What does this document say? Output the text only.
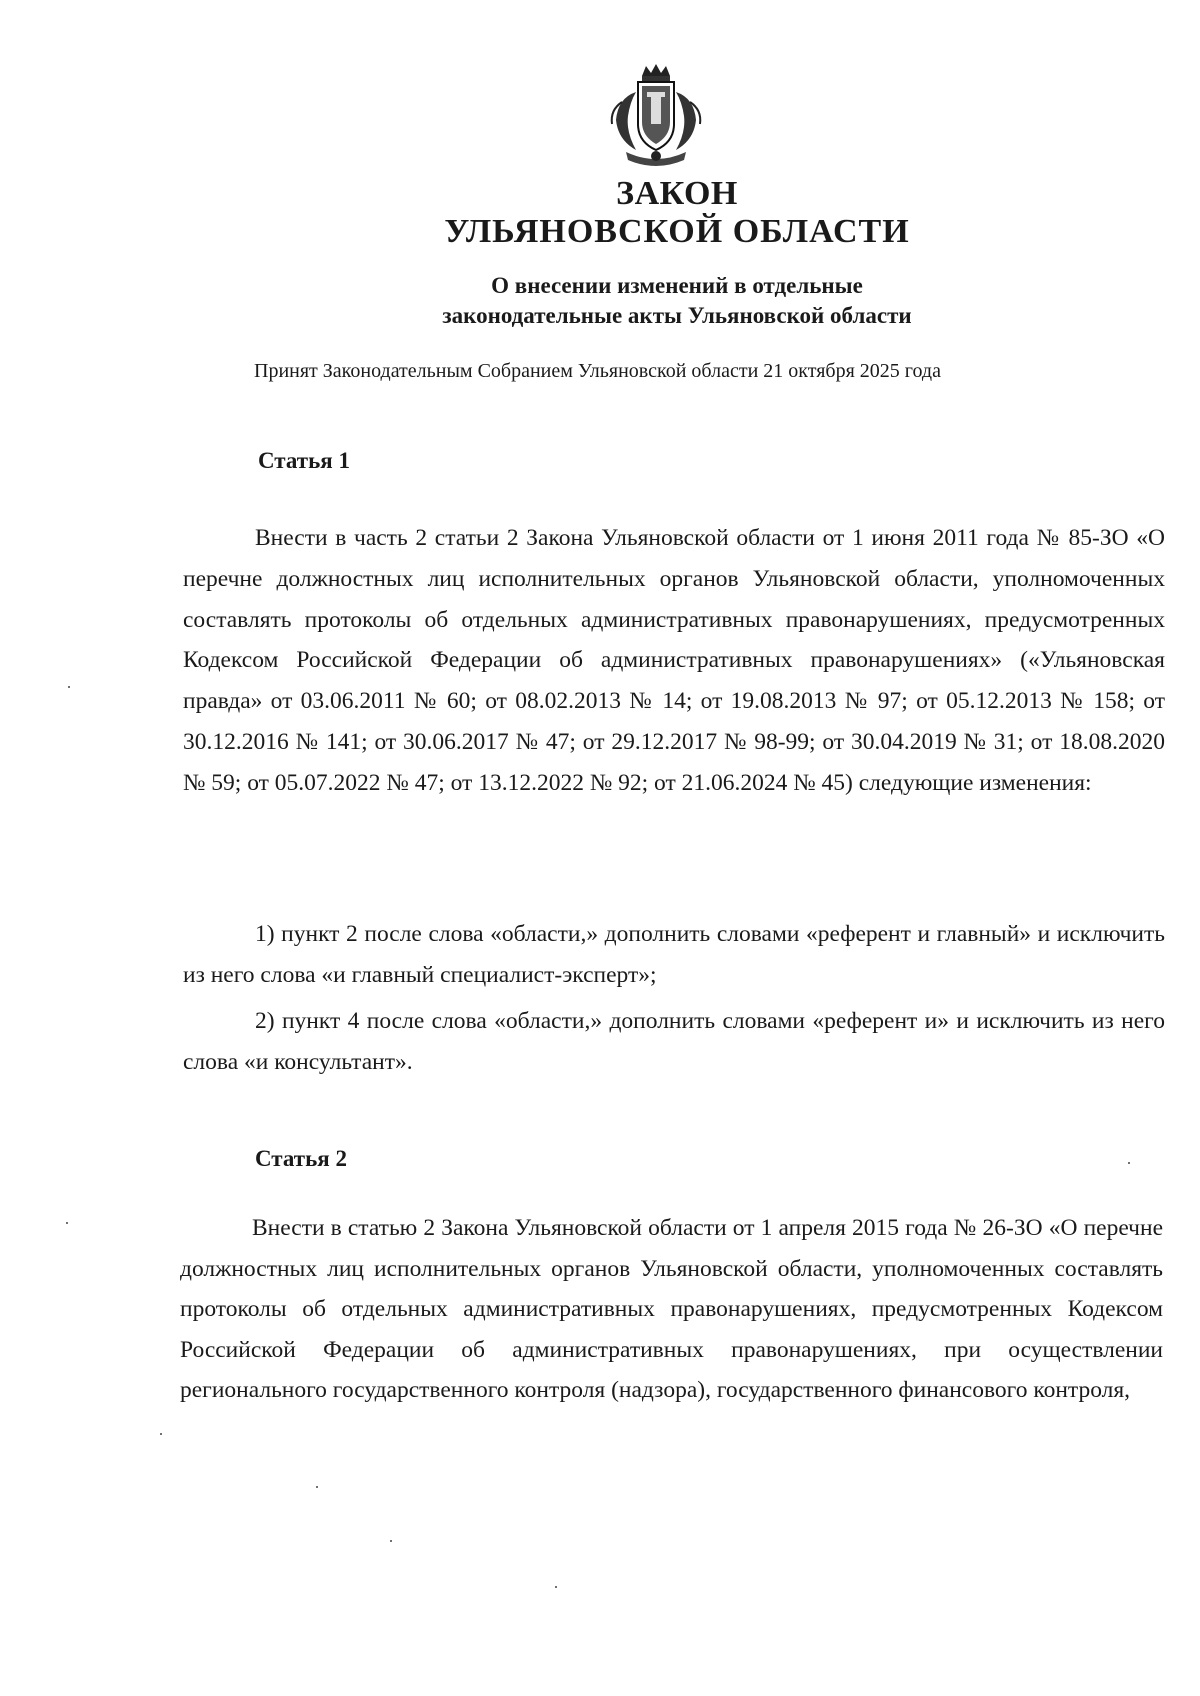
ЗАКОН
УЛЬЯНОВСКОЙ ОБЛАСТИ
О внесении изменений в отдельные
законодательные акты Ульяновской области
Принят Законодательным Собранием Ульяновской области 21 октября 2025 года
Статья 1
Внести в часть 2 статьи 2 Закона Ульяновской области от 1 июня 2011 года № 85-ЗО «О перечне должностных лиц исполнительных органов Ульяновской области, уполномоченных составлять протоколы об отдельных административных правонарушениях, предусмотренных Кодексом Российской Федерации об административных правонарушениях» («Ульяновская правда» от 03.06.2011 № 60; от 08.02.2013 № 14; от 19.08.2013 № 97; от 05.12.2013 № 158; от 30.12.2016 № 141; от 30.06.2017 № 47; от 29.12.2017 № 98-99; от 30.04.2019 № 31; от 18.08.2020 № 59; от 05.07.2022 № 47; от 13.12.2022 № 92; от 21.06.2024 № 45) следующие изменения:
1) пункт 2 после слова «области,» дополнить словами «референт и главный» и исключить из него слова «и главный специалист-эксперт»;
2) пункт 4 после слова «области,» дополнить словами «референт и» и исключить из него слова «и консультант».
Статья 2
Внести в статью 2 Закона Ульяновской области от 1 апреля 2015 года № 26-ЗО «О перечне должностных лиц исполнительных органов Ульяновской области, уполномоченных составлять протоколы об отдельных административных правонарушениях, предусмотренных Кодексом Российской Федерации об административных правонарушениях, при осуществлении регионального государственного контроля (надзора), государственного финансового контроля,
